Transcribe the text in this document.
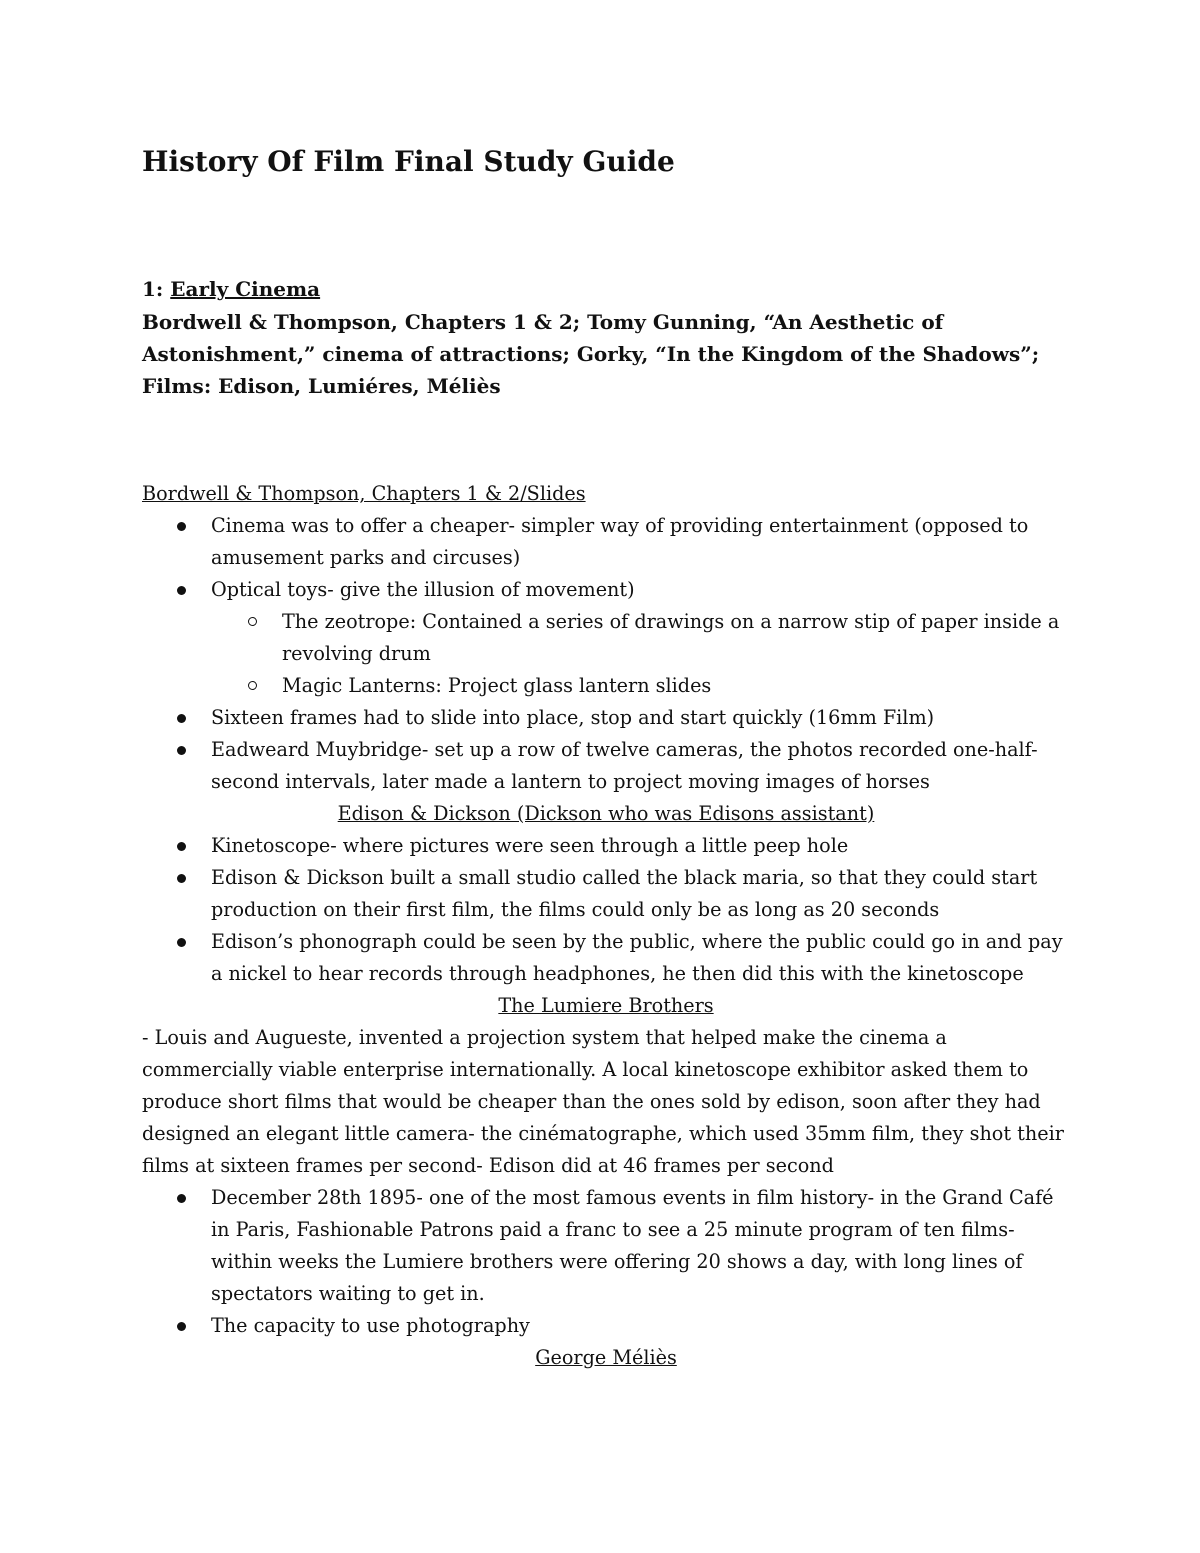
History Of Film Final Study Guide
1: Early Cinema
Bordwell & Thompson, Chapters 1 & 2; Tomy Gunning, “An Aesthetic of
Astonishment,” cinema of attractions; Gorky, “In the Kingdom of the Shadows”;
Films: Edison, Lumiéres, Méliès

Bordwell & Thompson, Chapters 1 & 2/Slides

Cinema was to offer a cheaper- simpler way of providing entertainment (opposed to amusement parks and circuses)
Optical toys- give the illusion of movement)
The zeotrope: Contained a series of drawings on a narrow stip of paper inside a revolving drum
Magic Lanterns: Project glass lantern slides
Sixteen frames had to slide into place, stop and start quickly (16mm Film)
Eadweard Muybridge- set up a row of twelve cameras, the photos recorded one-half-second intervals, later made a lantern to project moving images of horses

Edison & Dickson (Dickson who was Edisons assistant)

Kinetoscope- where pictures were seen through a little peep hole
Edison & Dickson built a small studio called the black maria, so that they could start production on their first film, the films could only be as long as 20 seconds
Edison’s phonograph could be seen by the public, where the public could go in and pay a nickel to hear records through headphones, he then did this with the kinetoscope

The Lumiere Brothers

- Louis and Augueste, invented a projection system that helped make the cinema a commercially viable enterprise internationally. A local kinetoscope exhibitor asked them to produce short films that would be cheaper than the ones sold by edison, soon after they had designed an elegant little camera- the cinématographe, which used 35mm film, they shot their films at sixteen frames per second- Edison did at 46 frames per second

December 28th 1895- one of the most famous events in film history- in the Grand Café in Paris, Fashionable Patrons paid a franc to see a 25 minute program of ten films- within weeks the Lumiere brothers were offering 20 shows a day, with long lines of spectators waiting to get in.
The capacity to use photography

George Méliès
